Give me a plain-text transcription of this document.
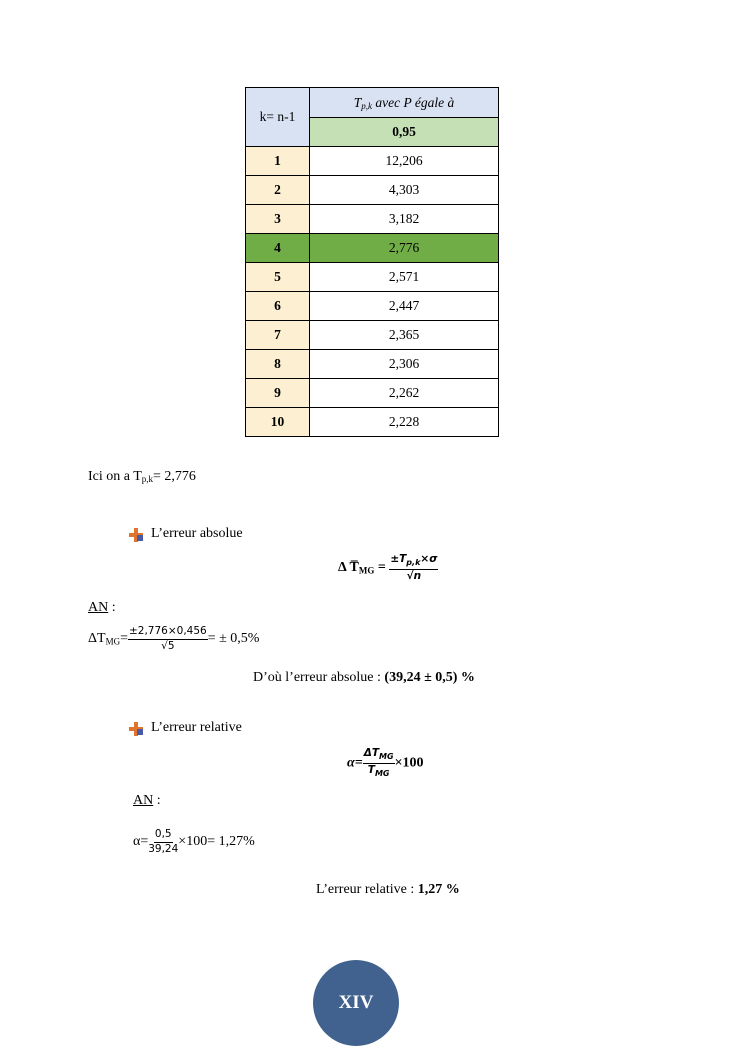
k= n-1	$T_{p,k}$ avec P égale à
	0,95
1	12,206
2	4,303
3	3,182
4	2,776
5	2,571
6	2,447
7	2,365
8	2,306
9	2,262
10	2,228
Ici on a $T_{p,k}= 2,776$
L’erreur absolue
Δ $T̅_{MG} = \frac{\pm T_{p,k}\times\sigma}{√n}$
AN :
$\Delta T_{MG}= \frac{\pm 2,776\times 0,456}{√5}$ = ± 0,5%
D’où l’erreur absolue : (39,24 ± 0,5) %
L’erreur relative
$\alpha= \frac{\Delta T_{MG}}{T̅_{MG}} \times 100$
AN :
$\alpha= \frac{0,5}{39,24} \times 100= 1,27\%$
L’erreur relative : 1,27 %
XIV
